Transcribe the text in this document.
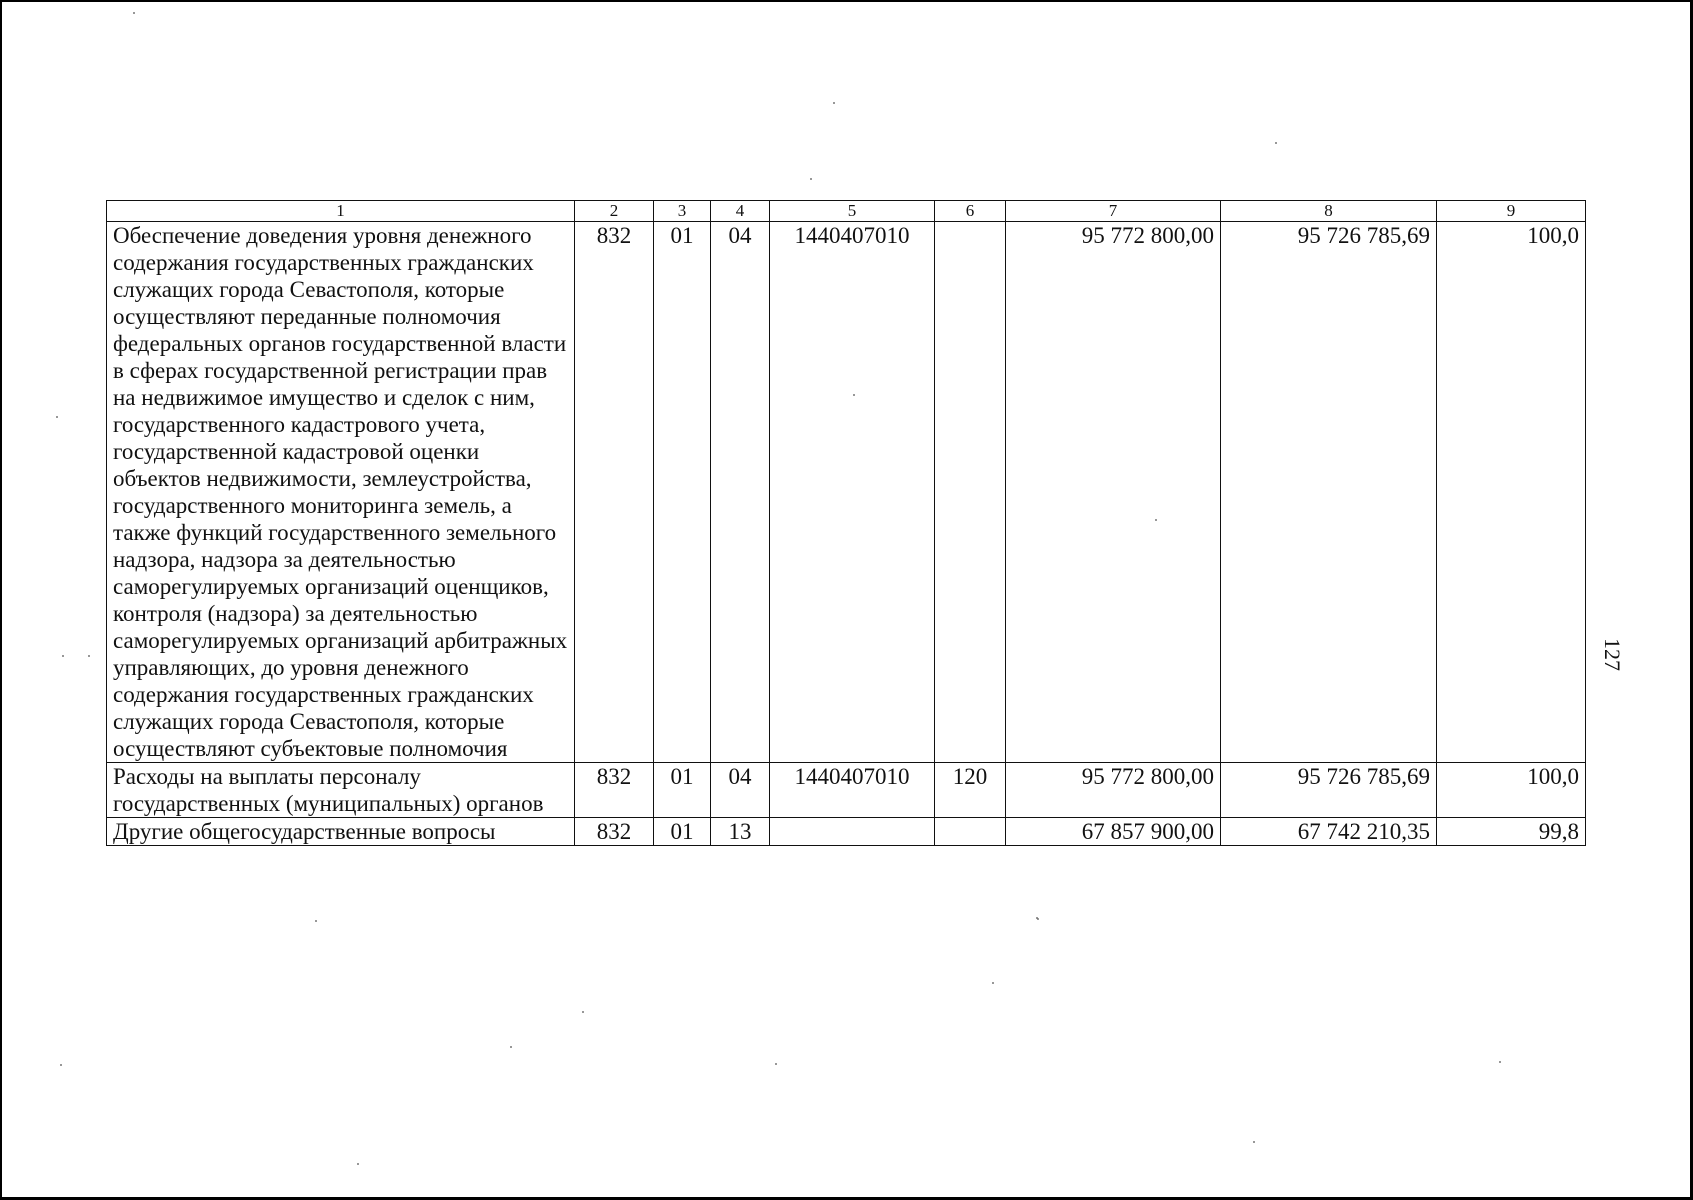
1	2	3	4	5	6	7	8	9
Обеспечение доведения уровня денежного содержания государственных гражданских служащих города Севастополя, которые осуществляют переданные полномочия федеральных органов государственной власти в сферах государственной регистрации прав на недвижимое имущество и сделок с ним, государственного кадастрового учета, государственной кадастровой оценки объектов недвижимости, землеустройства, государственного мониторинга земель, а также функций государственного земельного надзора, надзора за деятельностью саморегулируемых организаций оценщиков, контроля (надзора) за деятельностью саморегулируемых организаций арбитражных управляющих, до уровня денежного содержания государственных гражданских служащих города Севастополя, которые осуществляют субъектовые полномочия	832	01	04	1440407010		95 772 800,00	95 726 785,69	100,0
Расходы на выплаты персоналу государственных (муниципальных) органов	832	01	04	1440407010	120	95 772 800,00	95 726 785,69	100,0
Другие общегосударственные вопросы	832	01	13			67 857 900,00	67 742 210,35	99,8
127
